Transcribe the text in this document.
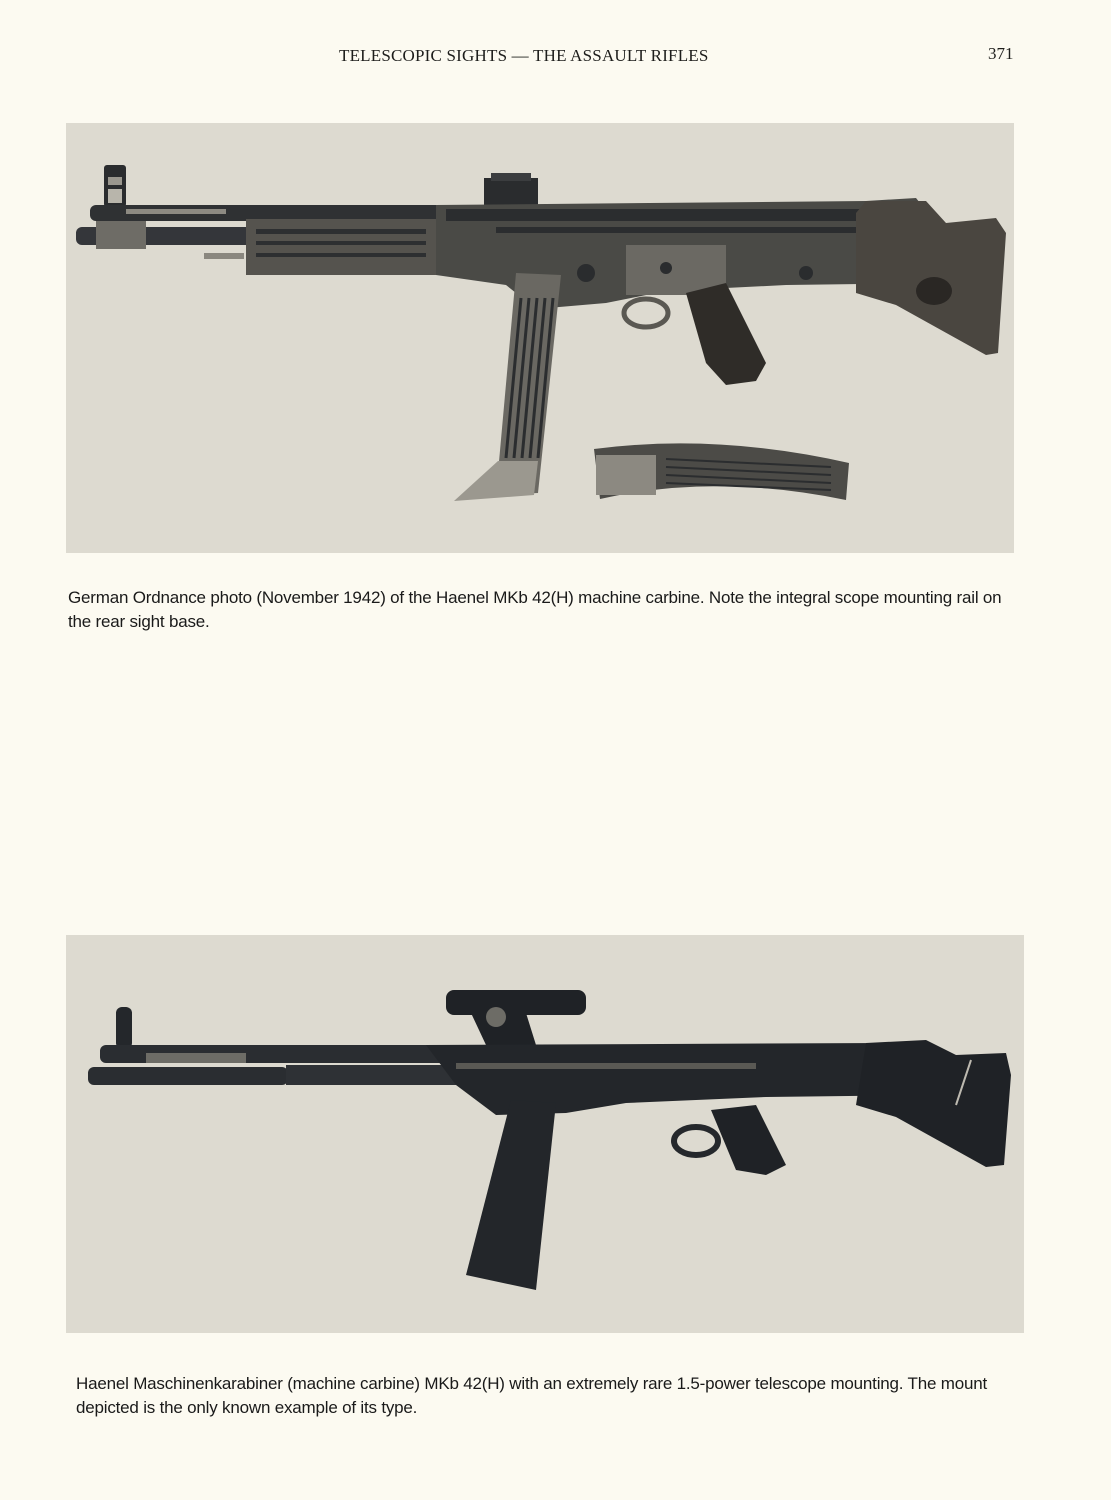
TELESCOPIC SIGHTS — THE ASSAULT RIFLES	371

German Ordnance photo (November 1942) of the Haenel MKb 42(H) machine carbine. Note the integral scope mounting rail on the rear sight base.

Haenel Maschinenkarabiner (machine carbine) MKb 42(H) with an extremely rare 1.5-power telescope mounting. The mount depicted is the only known example of its type.
